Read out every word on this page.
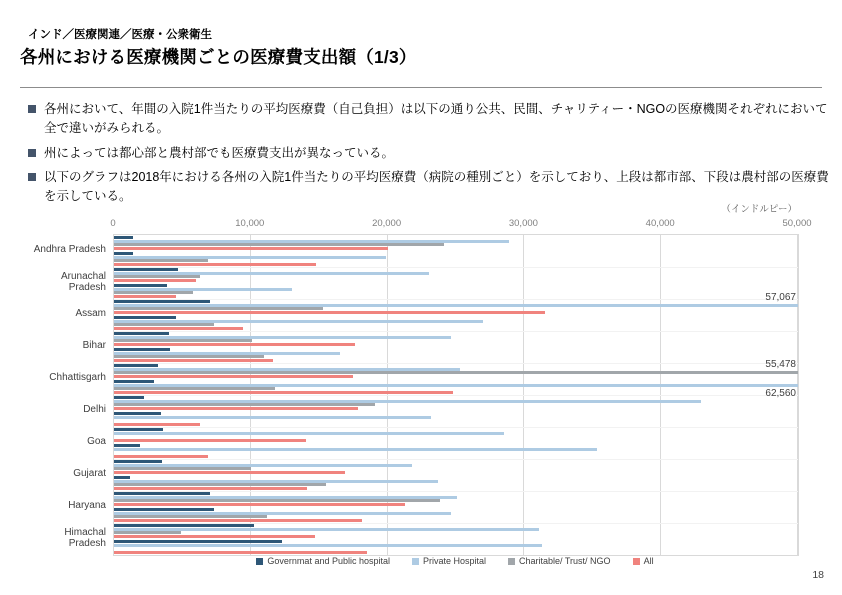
インド／医療関連／医療・公衆衛生
各州における医療機関ごとの医療費支出額（1/3）
各州において、年間の入院1件当たりの平均医療費（自己負担）は以下の通り公共、民間、チャリティー・NGOの医療機関それぞれにおいて全で違いがみられる。
州によっては都心部と農村部でも医療費支出が異なっている。
以下のグラフは2018年における各州の入院1件当たりの平均医療費（病院の種別ごと）を示しており、上段は都市部、下段は農村部の医療費を示している。
（インドルピー）
0	10,000	20,000	30,000	40,000	50,000
Andhra Pradesh
Arunachal Pradesh
Assam
Bihar
Chhattisgarh
Delhi
Goa
Gujarat
Haryana
Himachal Pradesh
57,067
55,478
62,560
Governmat and Public hospital	Private Hospital	Charitable/ Trust/ NGO	All
18
